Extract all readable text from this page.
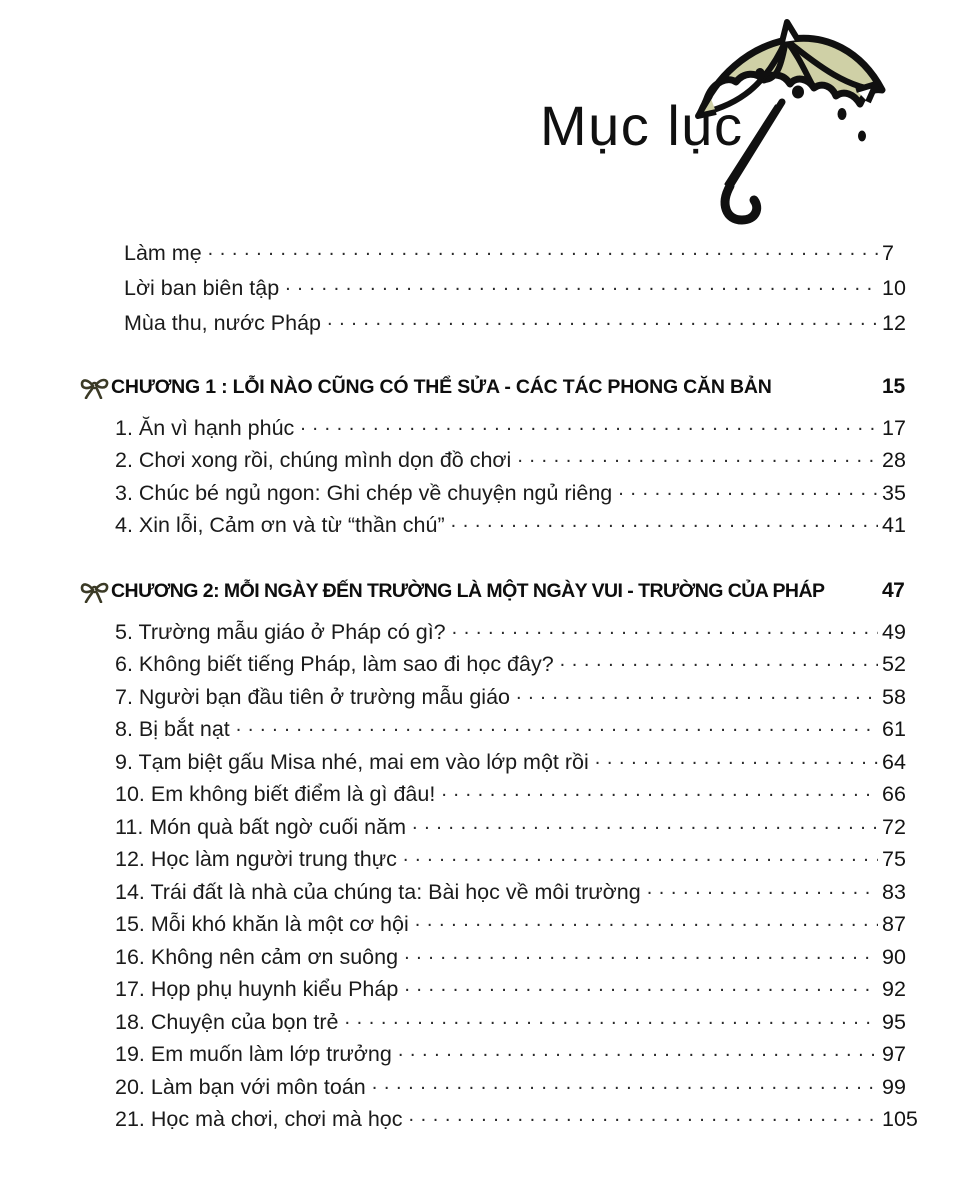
Mục lục
Làm mẹ . . .	7
Lời ban biên tập . . .	10
Mùa thu, nước Pháp . . .	12
CHƯƠNG 1 : LỖI NÀO CŨNG CÓ THỂ SỬA - CÁC TÁC PHONG CĂN BẢN	15
1. Ăn vì hạnh phúc . . .	17
2. Chơi xong rồi, chúng mình dọn đồ chơi . . .	28
3. Chúc bé ngủ ngon: Ghi chép về chuyện ngủ riêng . . .	35
4. Xin lỗi, Cảm ơn và từ “thần chú” . . .	41
CHƯƠNG 2: MỖI NGÀY ĐẾN TRƯỜNG LÀ MỘT NGÀY VUI - TRƯỜNG CỦA PHÁP	47
5. Trường mẫu giáo ở Pháp có gì? . . .	49
6. Không biết tiếng Pháp, làm sao đi học đây? . . .	52
7. Người bạn đầu tiên ở trường mẫu giáo . . .	58
8. Bị bắt nạt . . .	61
9. Tạm biệt gấu Misa nhé, mai em vào lớp một rồi . . .	64
10. Em không biết điểm là gì đâu! . . .	66
11. Món quà bất ngờ cuối năm . . .	72
12. Học làm người trung thực . . .	75
14. Trái đất là nhà của chúng ta: Bài học về môi trường . . .	83
15. Mỗi khó khăn là một cơ hội . . .	87
16. Không nên cảm ơn suông . . .	90
17. Họp phụ huynh kiểu Pháp . . .	92
18. Chuyện của bọn trẻ . . .	95
19. Em muốn làm lớp trưởng . . .	97
20. Làm bạn với môn toán . . .	99
21. Học mà chơi, chơi mà học . . .	105
